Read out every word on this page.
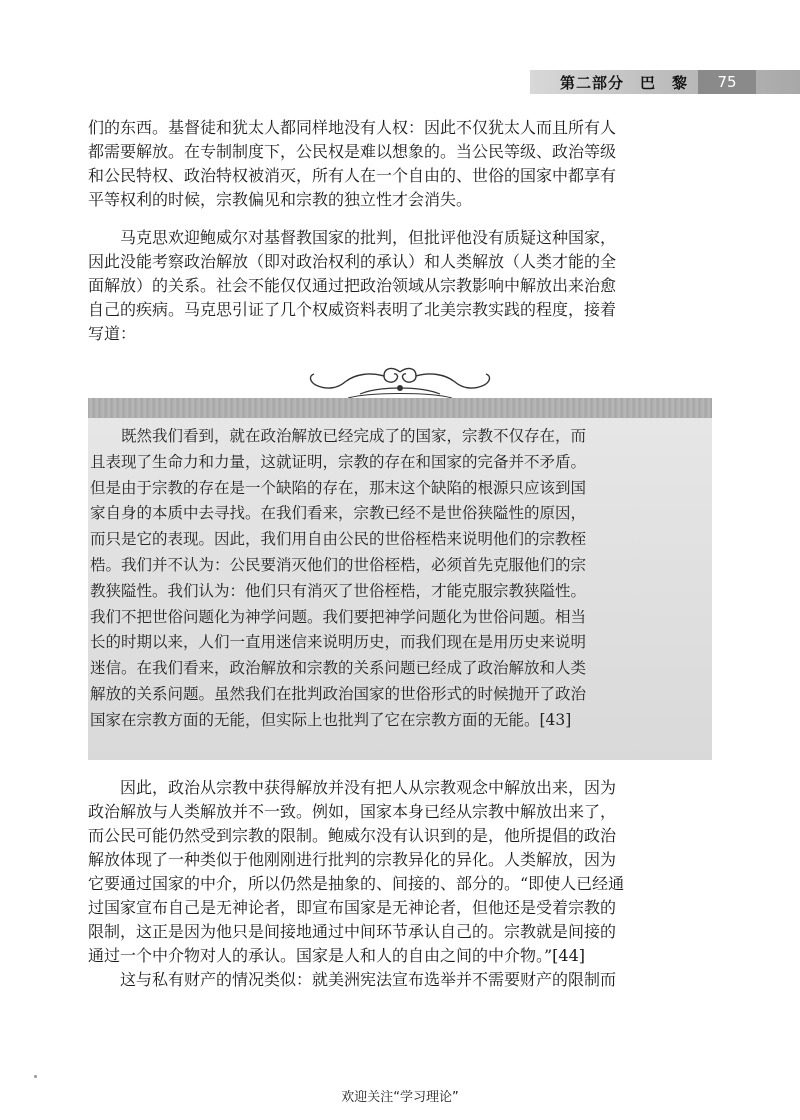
第二部分　巴　黎	75
们的东西。基督徒和犹太人都同样地没有人权：因此不仅犹太人而且所有人
都需要解放。在专制制度下，公民权是难以想象的。当公民等级、政治等级
和公民特权、政治特权被消灭，所有人在一个自由的、世俗的国家中都享有
平等权利的时候，宗教偏见和宗教的独立性才会消失。
　　马克思欢迎鲍威尔对基督教国家的批判，但批评他没有质疑这种国家，
因此没能考察政治解放（即对政治权利的承认）和人类解放（人类才能的全
面解放）的关系。社会不能仅仅通过把政治领域从宗教影响中解放出来治愈
自己的疾病。马克思引证了几个权威资料表明了北美宗教实践的程度，接着
写道：
　　既然我们看到，就在政治解放已经完成了的国家，宗教不仅存在，而
且表现了生命力和力量，这就证明，宗教的存在和国家的完备并不矛盾。
但是由于宗教的存在是一个缺陷的存在，那末这个缺陷的根源只应该到国
家自身的本质中去寻找。在我们看来，宗教已经不是世俗狭隘性的原因，
而只是它的表现。因此，我们用自由公民的世俗桎梏来说明他们的宗教桎
梏。我们并不认为：公民要消灭他们的世俗桎梏，必须首先克服他们的宗
教狭隘性。我们认为：他们只有消灭了世俗桎梏，才能克服宗教狭隘性。
我们不把世俗问题化为神学问题。我们要把神学问题化为世俗问题。相当
长的时期以来，人们一直用迷信来说明历史，而我们现在是用历史来说明
迷信。在我们看来，政治解放和宗教的关系问题已经成了政治解放和人类
解放的关系问题。虽然我们在批判政治国家的世俗形式的时候抛开了政治
国家在宗教方面的无能，但实际上也批判了它在宗教方面的无能。[43]
　　因此，政治从宗教中获得解放并没有把人从宗教观念中解放出来，因为
政治解放与人类解放并不一致。例如，国家本身已经从宗教中解放出来了，
而公民可能仍然受到宗教的限制。鲍威尔没有认识到的是，他所提倡的政治
解放体现了一种类似于他刚刚进行批判的宗教异化的异化。人类解放，因为
它要通过国家的中介，所以仍然是抽象的、间接的、部分的。“即使人已经通
过国家宣布自己是无神论者，即宣布国家是无神论者，但他还是受着宗教的
限制，这正是因为他只是间接地通过中间环节承认自己的。宗教就是间接的
通过一个中介物对人的承认。国家是人和人的自由之间的中介物。”[44]
　　这与私有财产的情况类似：就美洲宪法宣布选举并不需要财产的限制而
欢迎关注“学习理论”
